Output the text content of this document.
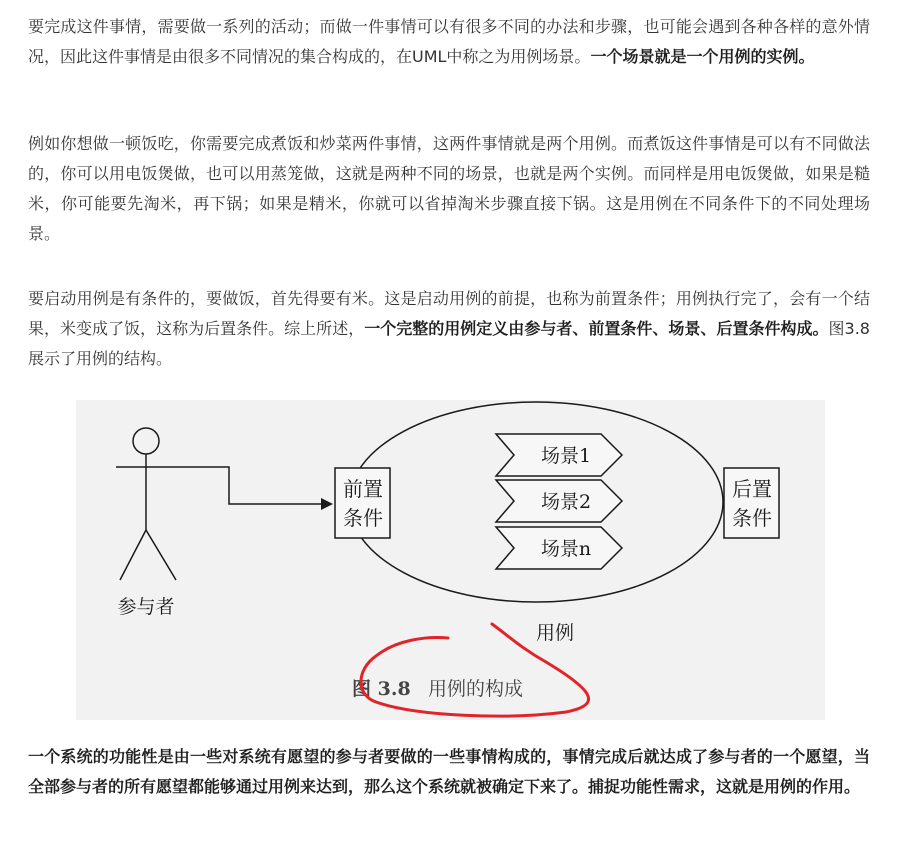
要完成这件事情，需要做一系列的活动；而做一件事情可以有很多不同的办法和步骤，也可能会遇到各种各样的意外情况，因此这件事情是由很多不同情况的集合构成的，在UML中称之为用例场景。一个场景就是一个用例的实例。

例如你想做一顿饭吃，你需要完成煮饭和炒菜两件事情，这两件事情就是两个用例。而煮饭这件事情是可以有不同做法的，你可以用电饭煲做，也可以用蒸笼做，这就是两种不同的场景，也就是两个实例。而同样是用电饭煲做，如果是糙米，你可能要先淘米，再下锅；如果是精米，你就可以省掉淘米步骤直接下锅。这是用例在不同条件下的不同处理场景。

要启动用例是有条件的，要做饭，首先得要有米。这是启动用例的前提，也称为前置条件；用例执行完了，会有一个结果，米变成了饭，这称为后置条件。综上所述，一个完整的用例定义由参与者、前置条件、场景、后置条件构成。图3.8展示了用例的结构。

参与者
前置
条件
后置
条件
场景1
场景2
场景n
用例
图 3.8 用例的构成

一个系统的功能性是由一些对系统有愿望的参与者要做的一些事情构成的，事情完成后就达成了参与者的一个愿望，当全部参与者的所有愿望都能够通过用例来达到，那么这个系统就被确定下来了。捕捉功能性需求，这就是用例的作用。
